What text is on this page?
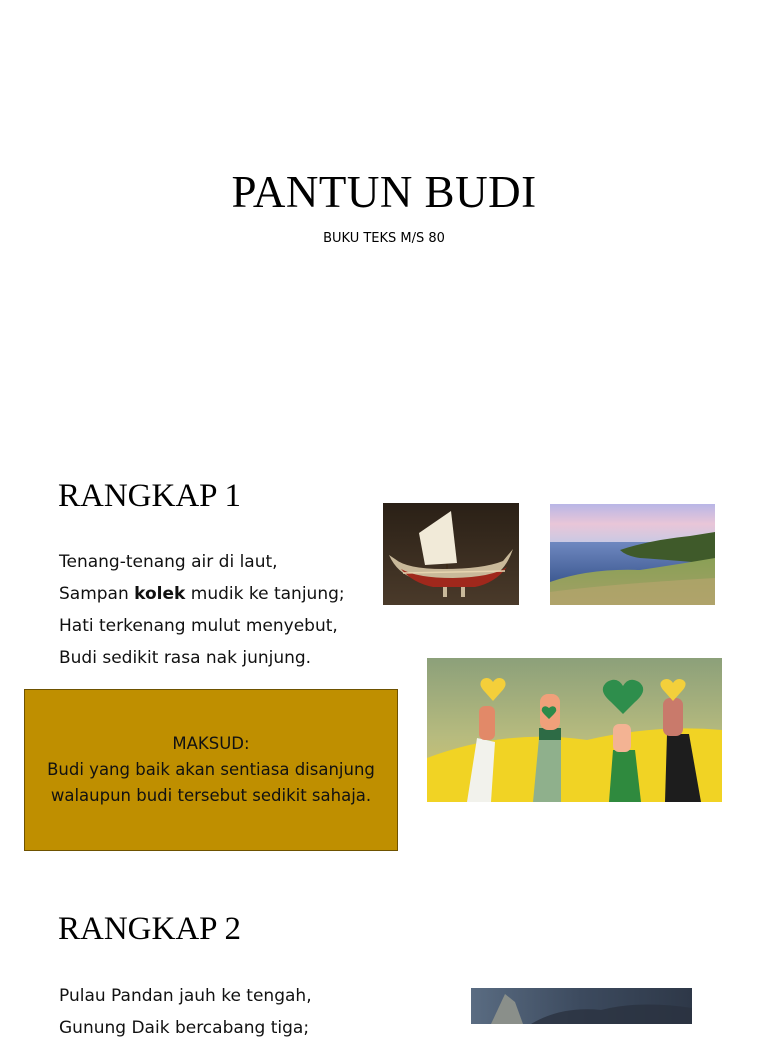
PANTUN BUDI
BUKU TEKS M/S 80
RANGKAP 1
Tenang-tenang air di laut,
Sampan kolek mudik ke tanjung;
Hati terkenang mulut menyebut,
Budi sedikit rasa nak junjung.
MAKSUD:
Budi yang baik akan sentiasa disanjung
walaupun budi tersebut sedikit sahaja.
RANGKAP 2
Pulau Pandan jauh ke tengah,
Gunung Daik bercabang tiga;
